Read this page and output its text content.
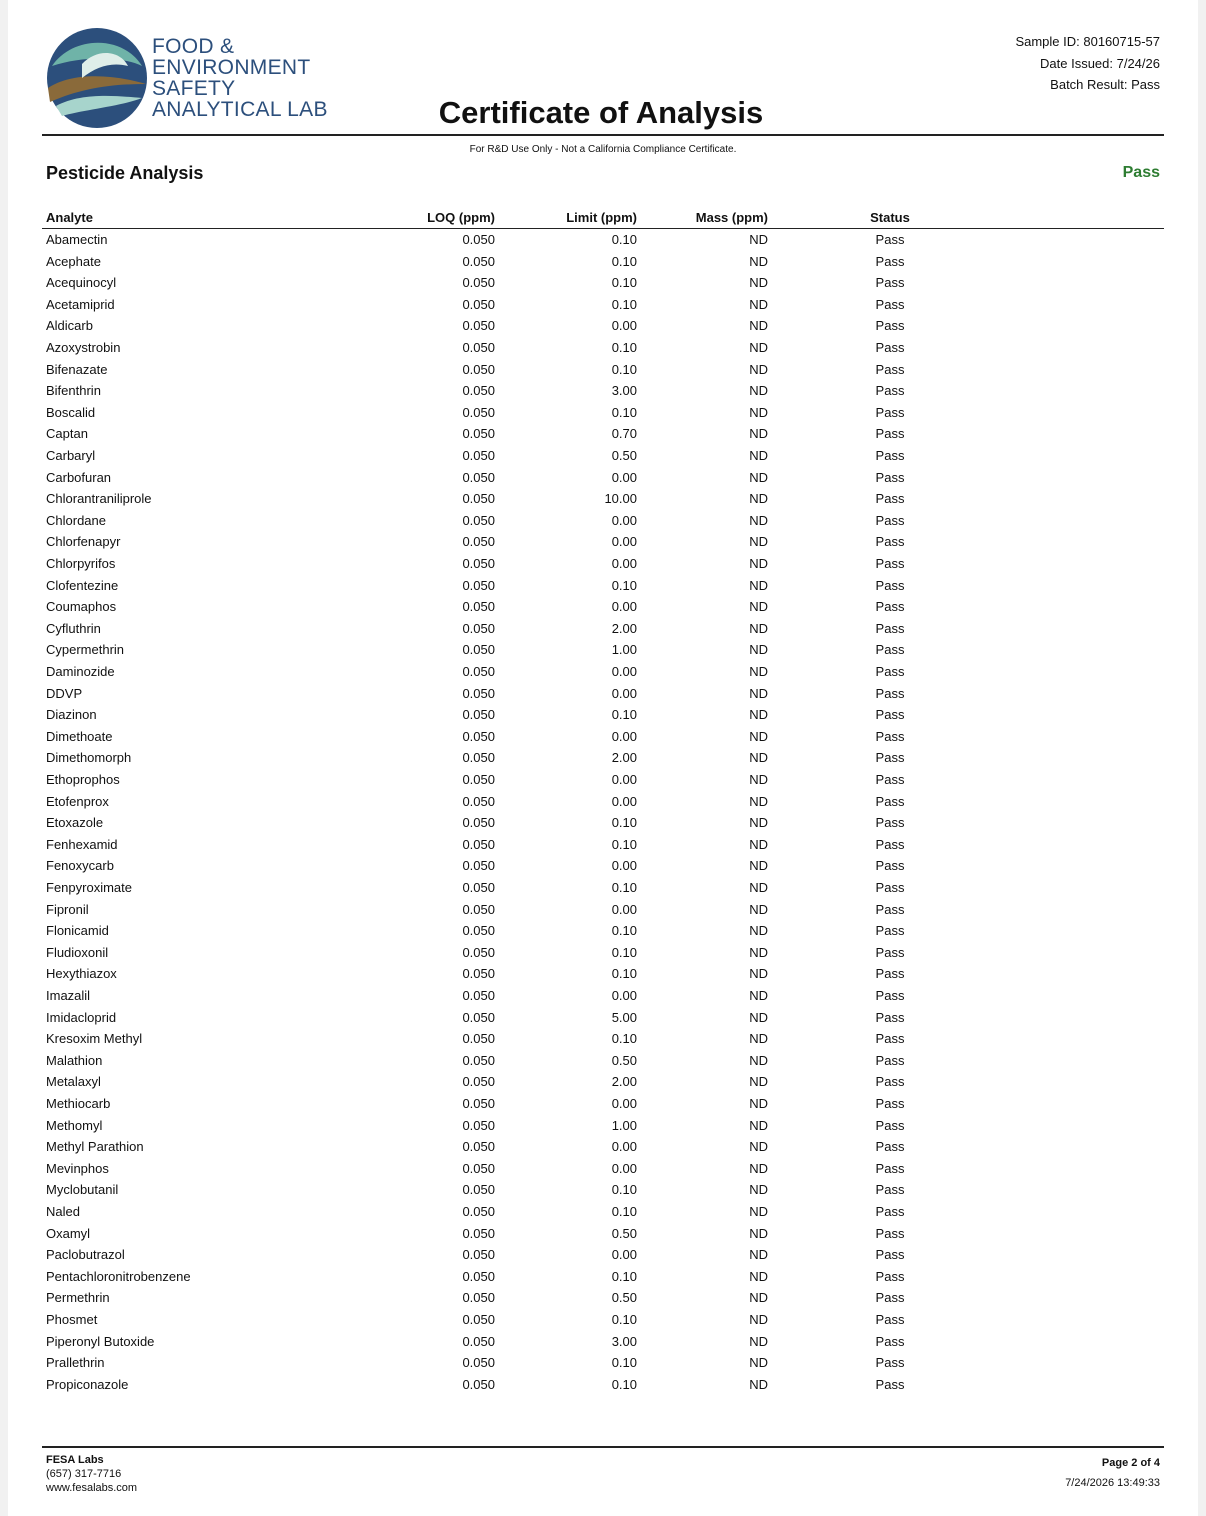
FOOD &
ENVIRONMENT
SAFETY
ANALYTICAL LAB	Certificate of Analysis
Sample ID: 80160715-57
Date Issued: 7/24/26
Batch Result: Pass
For R&D Use Only - Not a California Compliance Certificate.
Pesticide Analysis	Pass
Analyte	LOQ (ppm)	Limit (ppm)	Mass (ppm)	Status
Abamectin	0.050	0.10	ND	Pass
Acephate	0.050	0.10	ND	Pass
Acequinocyl	0.050	0.10	ND	Pass
Acetamiprid	0.050	0.10	ND	Pass
Aldicarb	0.050	0.00	ND	Pass
Azoxystrobin	0.050	0.10	ND	Pass
Bifenazate	0.050	0.10	ND	Pass
Bifenthrin	0.050	3.00	ND	Pass
Boscalid	0.050	0.10	ND	Pass
Captan	0.050	0.70	ND	Pass
Carbaryl	0.050	0.50	ND	Pass
Carbofuran	0.050	0.00	ND	Pass
Chlorantraniliprole	0.050	10.00	ND	Pass
Chlordane	0.050	0.00	ND	Pass
Chlorfenapyr	0.050	0.00	ND	Pass
Chlorpyrifos	0.050	0.00	ND	Pass
Clofentezine	0.050	0.10	ND	Pass
Coumaphos	0.050	0.00	ND	Pass
Cyfluthrin	0.050	2.00	ND	Pass
Cypermethrin	0.050	1.00	ND	Pass
Daminozide	0.050	0.00	ND	Pass
DDVP	0.050	0.00	ND	Pass
Diazinon	0.050	0.10	ND	Pass
Dimethoate	0.050	0.00	ND	Pass
Dimethomorph	0.050	2.00	ND	Pass
Ethoprophos	0.050	0.00	ND	Pass
Etofenprox	0.050	0.00	ND	Pass
Etoxazole	0.050	0.10	ND	Pass
Fenhexamid	0.050	0.10	ND	Pass
Fenoxycarb	0.050	0.00	ND	Pass
Fenpyroximate	0.050	0.10	ND	Pass
Fipronil	0.050	0.00	ND	Pass
Flonicamid	0.050	0.10	ND	Pass
Fludioxonil	0.050	0.10	ND	Pass
Hexythiazox	0.050	0.10	ND	Pass
Imazalil	0.050	0.00	ND	Pass
Imidacloprid	0.050	5.00	ND	Pass
Kresoxim Methyl	0.050	0.10	ND	Pass
Malathion	0.050	0.50	ND	Pass
Metalaxyl	0.050	2.00	ND	Pass
Methiocarb	0.050	0.00	ND	Pass
Methomyl	0.050	1.00	ND	Pass
Methyl Parathion	0.050	0.00	ND	Pass
Mevinphos	0.050	0.00	ND	Pass
Myclobutanil	0.050	0.10	ND	Pass
Naled	0.050	0.10	ND	Pass
Oxamyl	0.050	0.50	ND	Pass
Paclobutrazol	0.050	0.00	ND	Pass
Pentachloronitrobenzene	0.050	0.10	ND	Pass
Permethrin	0.050	0.50	ND	Pass
Phosmet	0.050	0.10	ND	Pass
Piperonyl Butoxide	0.050	3.00	ND	Pass
Prallethrin	0.050	0.10	ND	Pass
Propiconazole	0.050	0.10	ND	Pass
FESA Labs
(657) 317-7716
www.fesalabs.com
Page 2 of 4
7/24/2026 13:49:33
